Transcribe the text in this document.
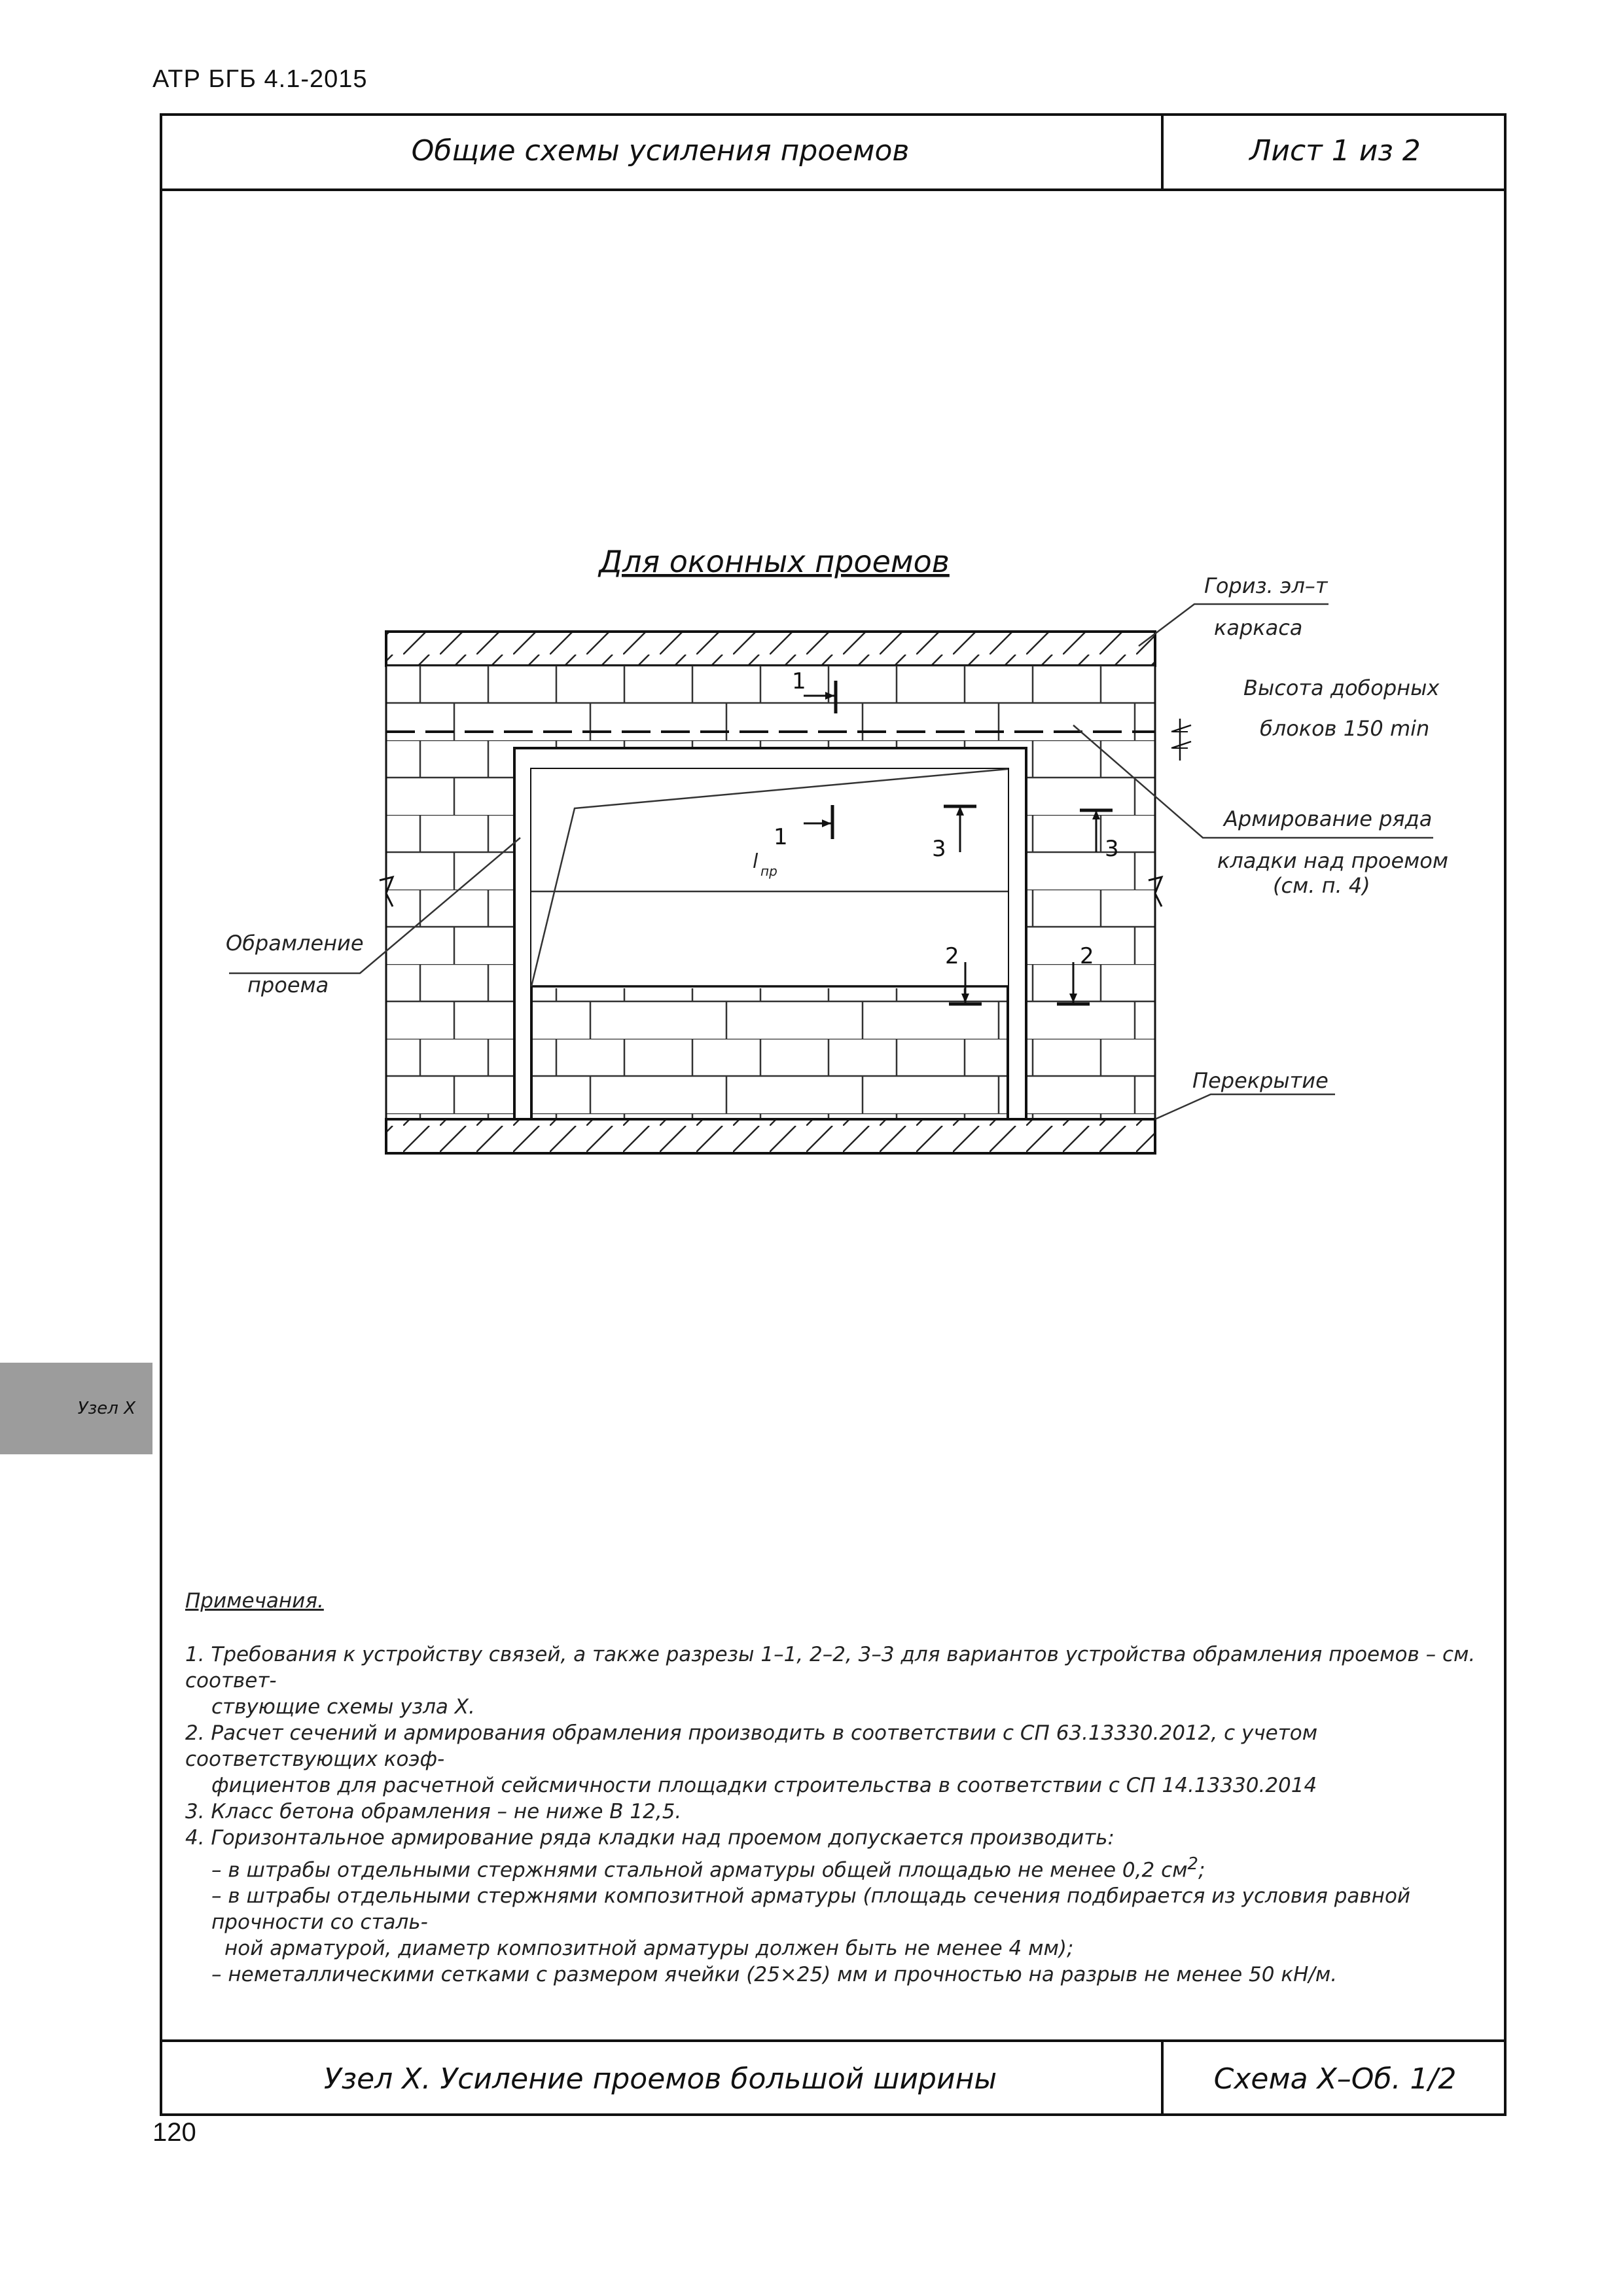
АТР БГБ 4.1-2015
Общие схемы усиления проемов	Лист 1 из 2
Узел Х
Для оконных проемов
l пр
1
1	3	3
2	2
Гориз. эл–т
каркаса
Высота доборных
блоков 150 min
Армирование ряда
кладки над проемом
(см. п. 4)
Обрамление
проема
Перекрытие
Примечания.

1. Требования к устройству связей, а также разрезы 1–1, 2–2, 3–3 для вариантов устройства обрамления проемов – см. соответ-

ствующие схемы узла Х.

2. Расчет сечений и армирования обрамления производить в соответствии с СП 63.13330.2012, с учетом соответствующих коэф-

фициентов для расчетной сейсмичности площадки строительства в соответствии с СП 14.13330.2014

3. Класс бетона обрамления – не ниже В 12,5.

4. Горизонтальное армирование ряда кладки над проемом допускается производить:

– в штрабы отдельными стержнями стальной арматуры общей площадью не менее 0,2 $см^2$;

– в штрабы отдельными стержнями композитной арматуры (площадь сечения подбирается из условия равной прочности со сталь-

ной арматурой, диаметр композитной арматуры должен быть не менее 4 мм);

– неметаллическими сетками с размером ячейки (25×25) мм и прочностью на разрыв не менее 50 кН/м.

Узел Х. Усиление проемов большой ширины	Схема Х–Об. 1/2
120
